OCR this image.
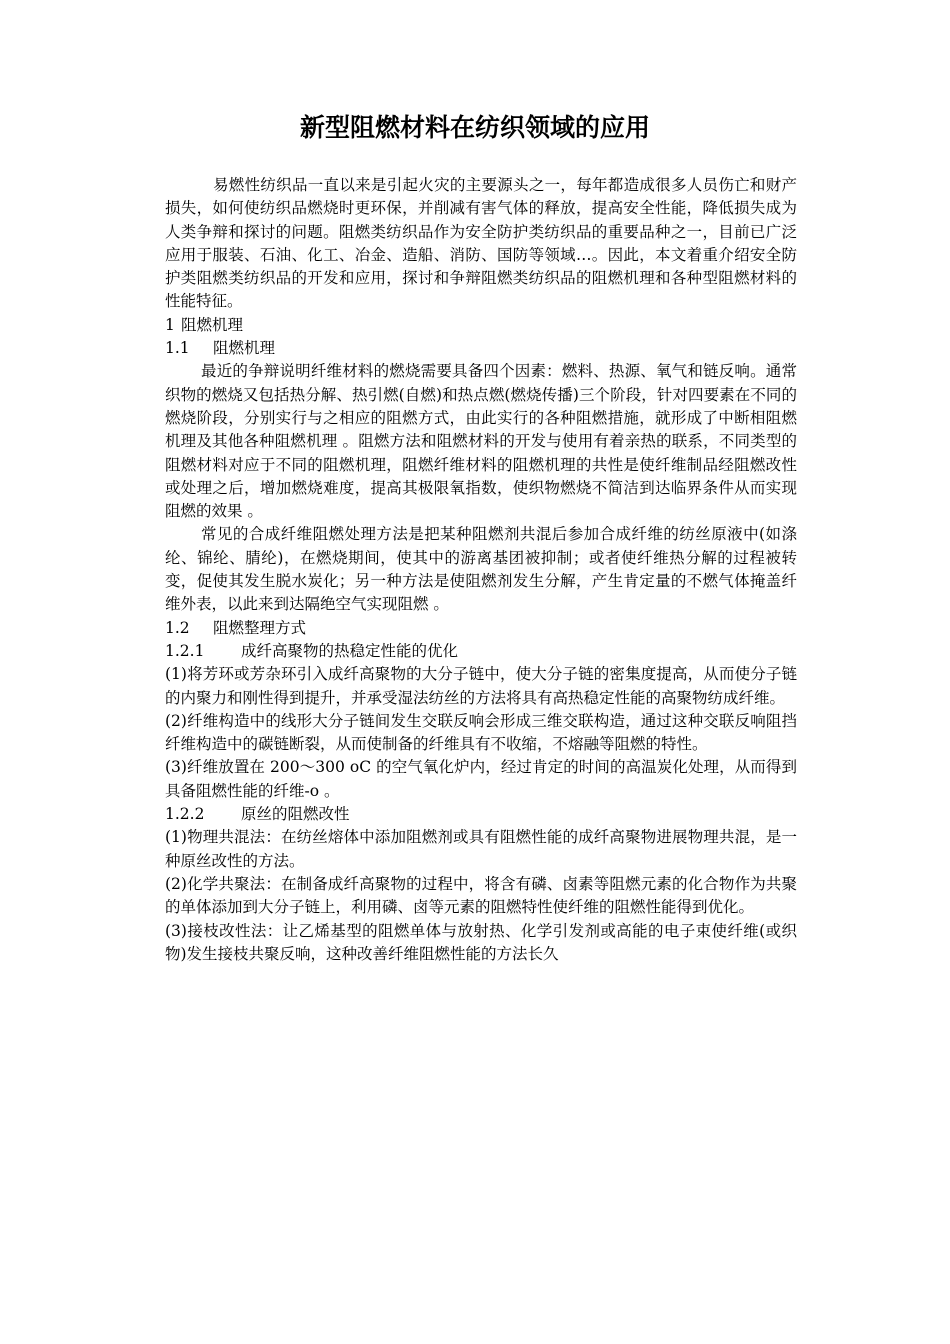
新型阻燃材料在纺织领域的应用

易燃性纺织品一直以来是引起火灾的主要源头之一，每年都造成很多人员伤亡和财产损失，如何使纺织品燃烧时更环保，并削减有害气体的释放，提高安全性能，降低损失成为人类争辩和探讨的问题。阻燃类纺织品作为安全防护类纺织品的重要品种之一，目前已广泛应用于服装、石油、化工、冶金、造船、消防、国防等领域…。因此，本文着重介绍安全防护类阻燃类纺织品的开发和应用，探讨和争辩阻燃类纺织品的阻燃机理和各种型阻燃材料的性能特征。

1 阻燃机理

1.1 阻燃机理

最近的争辩说明纤维材料的燃烧需要具备四个因素：燃料、热源、氧气和链反响。通常织物的燃烧又包括热分解、热引燃(自燃)和热点燃(燃烧传播)三个阶段，针对四要素在不同的燃烧阶段，分别实行与之相应的阻燃方式，由此实行的各种阻燃措施，就形成了中断相阻燃机理及其他各种阻燃机理 。阻燃方法和阻燃材料的开发与使用有着亲热的联系，不同类型的阻燃材料对应于不同的阻燃机理，阻燃纤维材料的阻燃机理的共性是使纤维制品经阻燃改性或处理之后，增加燃烧难度，提高其极限氧指数，使织物燃烧不简洁到达临界条件从而实现阻燃的效果 。

常见的合成纤维阻燃处理方法是把某种阻燃剂共混后参加合成纤维的纺丝原液中(如涤纶、锦纶、腈纶)，在燃烧期间，使其中的游离基团被抑制；或者使纤维热分解的过程被转变，促使其发生脱水炭化；另一种方法是使阻燃剂发生分解，产生肯定量的不燃气体掩盖纤维外表，以此来到达隔绝空气实现阻燃 。

1.2 阻燃整理方式

1.2.1 成纤高聚物的热稳定性能的优化

(1)将芳环或芳杂环引入成纤高聚物的大分子链中，使大分子链的密集度提高，从而使分子链的内聚力和刚性得到提升，并承受湿法纺丝的方法将具有高热稳定性能的高聚物纺成纤维。

(2)纤维构造中的线形大分子链间发生交联反响会形成三维交联构造，通过这种交联反响阻挡纤维构造中的碳链断裂，从而使制备的纤维具有不收缩，不熔融等阻燃的特性。

(3)纤维放置在 200～300 oC 的空气氧化炉内，经过肯定的时间的高温炭化处理，从而得到具备阻燃性能的纤维-o 。

1.2.2 原丝的阻燃改性

(1)物理共混法：在纺丝熔体中添加阻燃剂或具有阻燃性能的成纤高聚物进展物理共混，是一种原丝改性的方法。

(2)化学共聚法：在制备成纤高聚物的过程中，将含有磷、卤素等阻燃元素的化合物作为共聚的单体添加到大分子链上，利用磷、卤等元素的阻燃特性使纤维的阻燃性能得到优化。

(3)接枝改性法：让乙烯基型的阻燃单体与放射热、化学引发剂或高能的电子束使纤维(或织物)发生接枝共聚反响，这种改善纤维阻燃性能的方法长久
